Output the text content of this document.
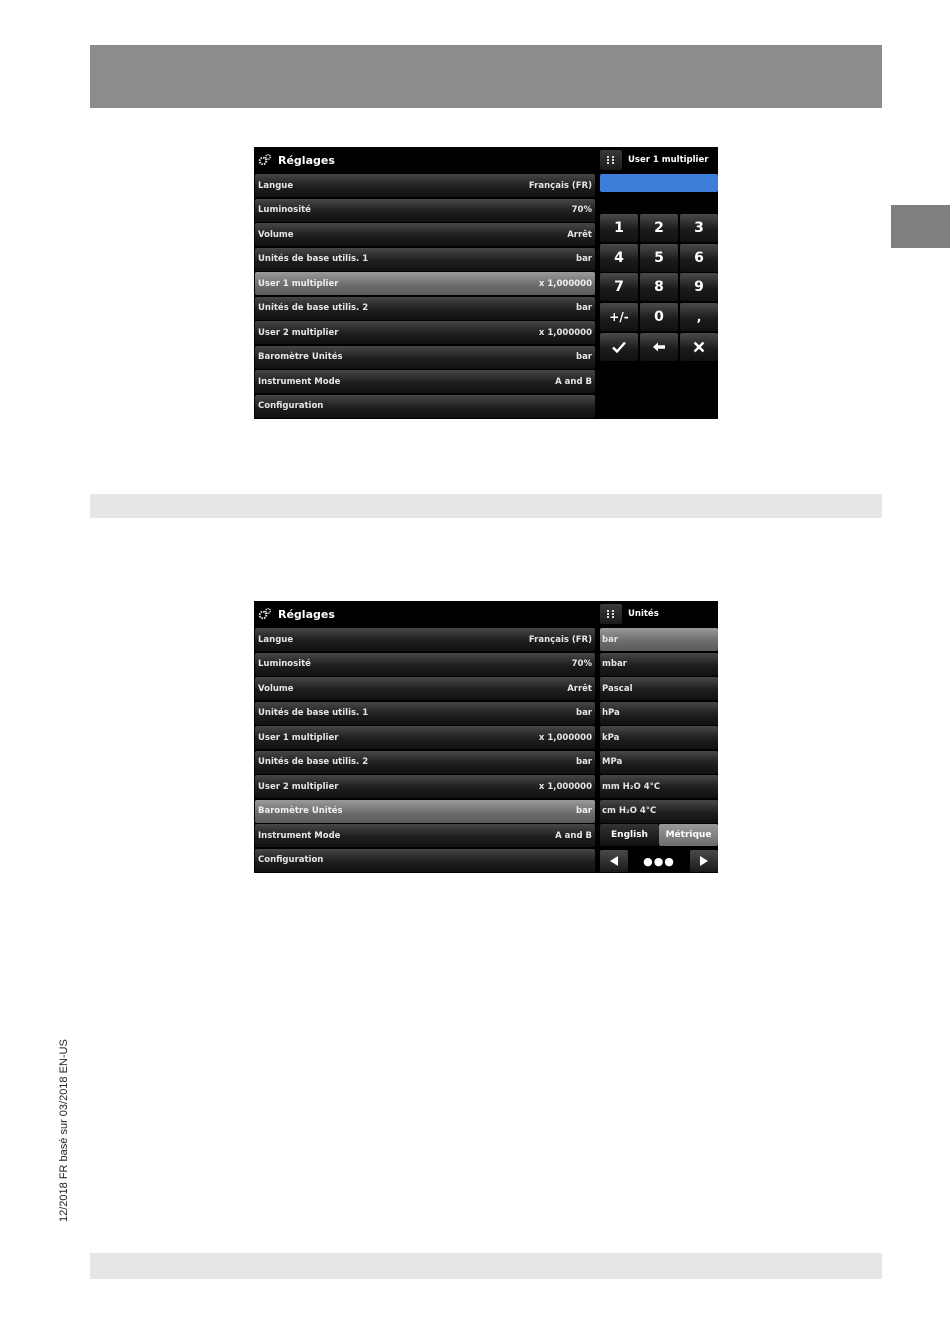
Réglages
Langue	Français (FR)
Luminosité	70%
Volume	Arrêt
Unités de base utilis. 1	bar
User 1 multiplier	x 1,000000
Unités de base utilis. 2	bar
User 2 multiplier	x 1,000000
Baromètre Unités	bar
Instrument Mode	A and B
Configuration
User 1 multiplier
1	2	3
4	5	6
7	8	9
+/-	0	,
Réglages
Langue	Français (FR)
Luminosité	70%
Volume	Arrêt
Unités de base utilis. 1	bar
User 1 multiplier	x 1,000000
Unités de base utilis. 2	bar
User 2 multiplier	x 1,000000
Baromètre Unités	bar
Instrument Mode	A and B
Configuration
Unités
bar
mbar
Pascal
hPa
kPa
MPa
mm H₂O 4°C
cm H₂O 4°C
English	Métrique
●●●
12/2018 FR basé sur 03/2018 EN-US
